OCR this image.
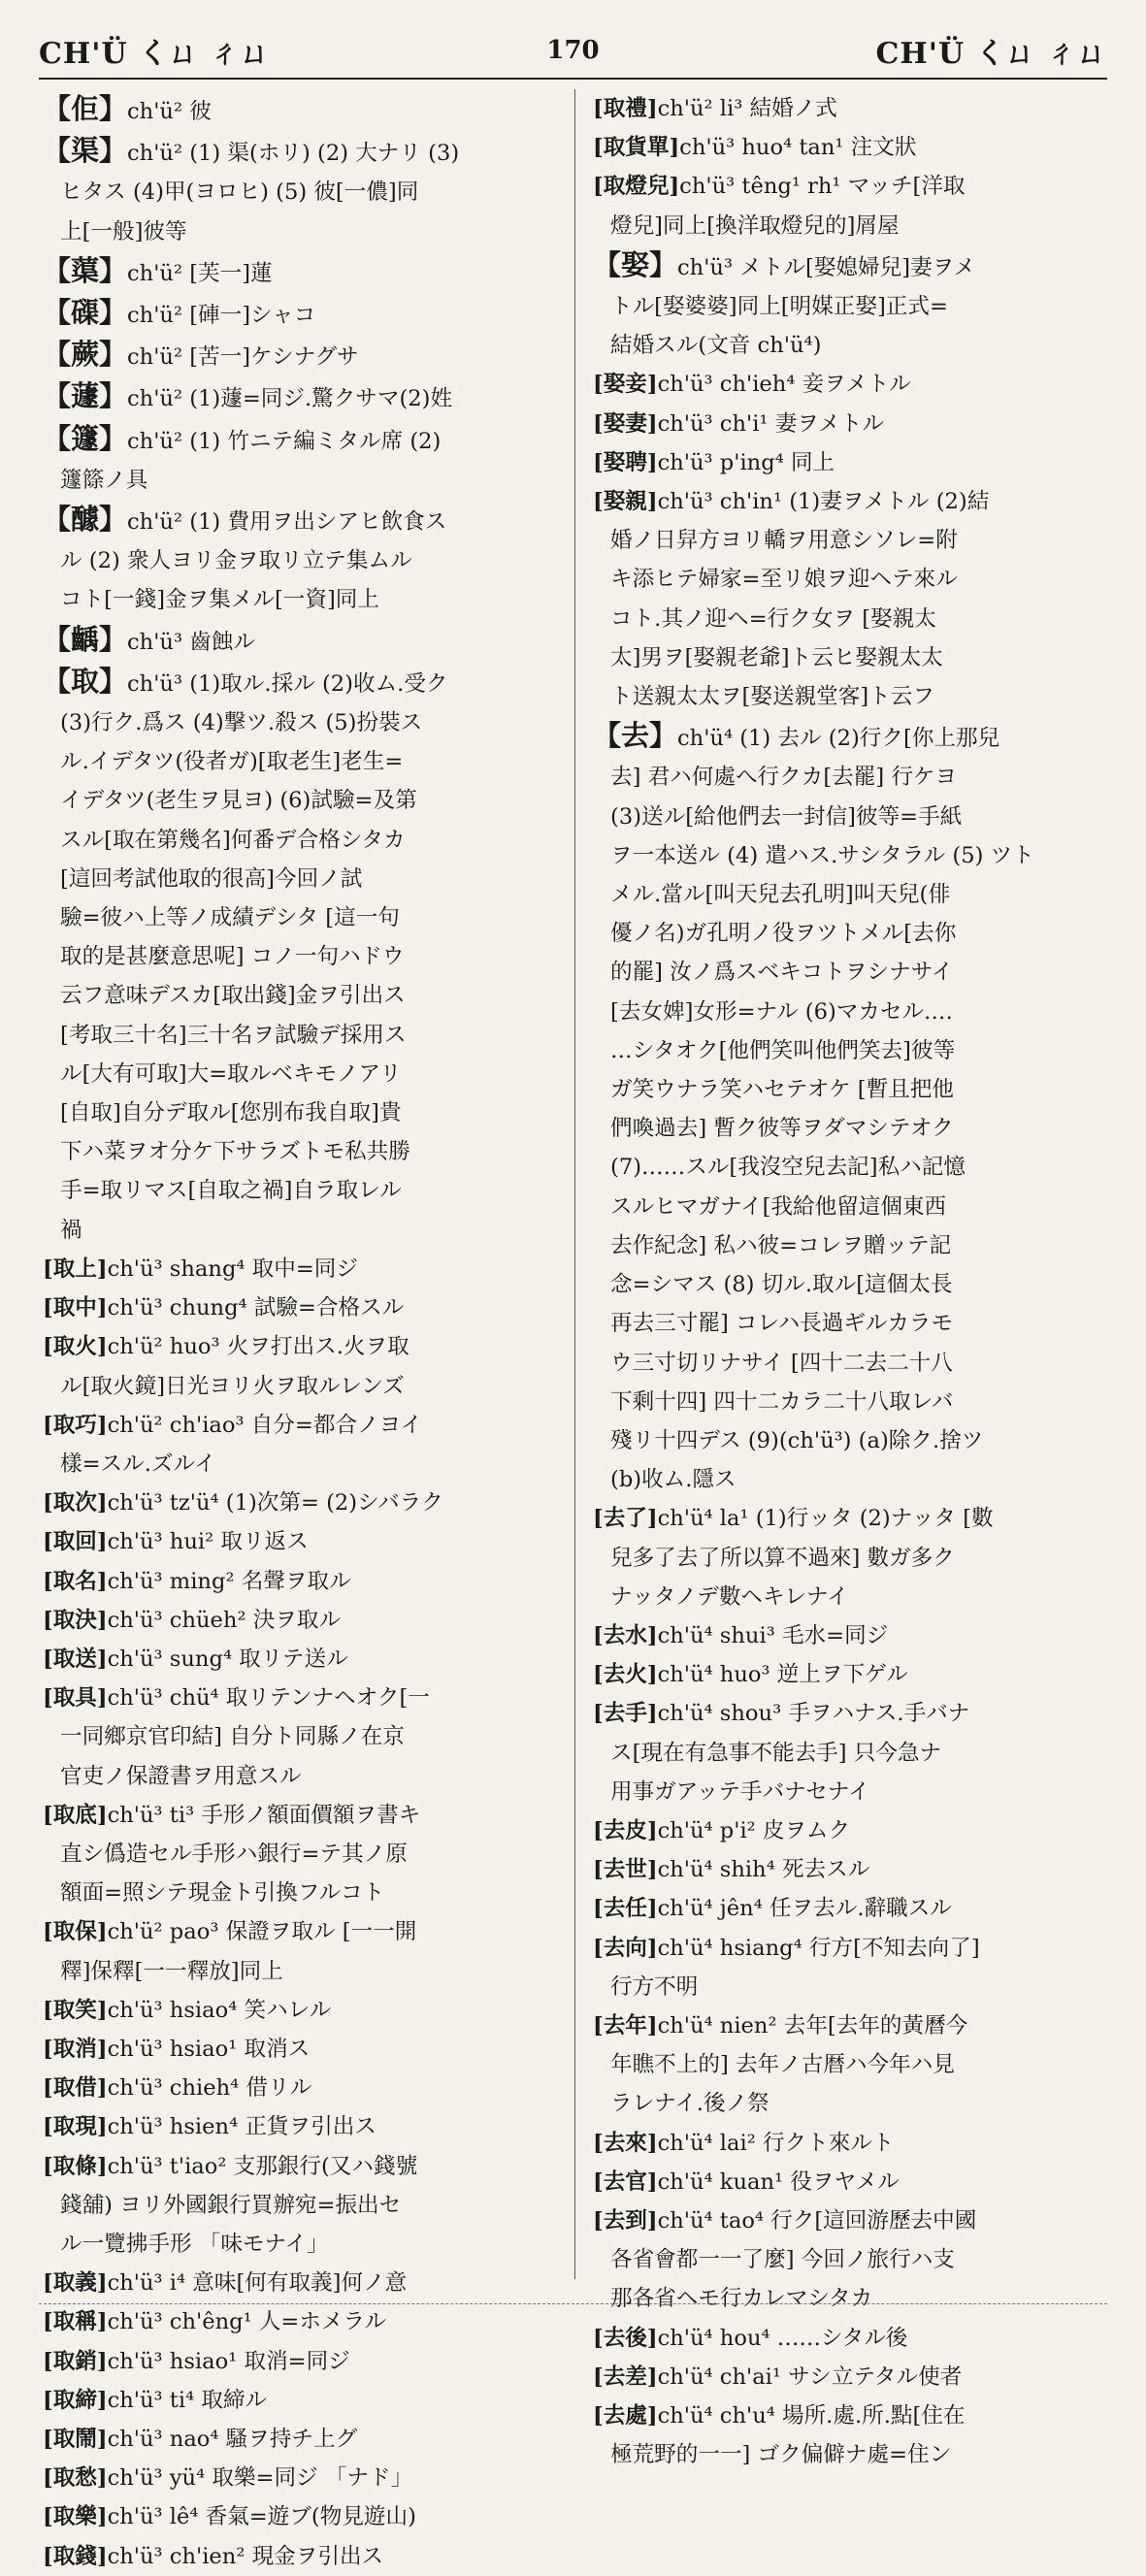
CH'Ü くㄩ ㄔㄩ	170	CH'Ü くㄩ ㄔㄩ
【佢】ch'ü² 彼
【渠】ch'ü² (1) 渠(ホリ) (2) 大ナリ (3)
ヒタス (4)甲(ヨロヒ) (5) 彼[一儂]同
上[一般]彼等
【蕖】ch'ü² [芙一]蓮
【磲】ch'ü² [硨一]シャコ
【蕨】ch'ü² [苦一]ケシナグサ
【蘧】ch'ü² (1)蘧=同ジ.驚クサマ(2)姓
【籧】ch'ü² (1) 竹ニテ編ミタル席 (2)
籧篨ノ具
【醵】ch'ü² (1) 費用ヲ出シアヒ飲食ス
ル (2) 衆人ヨリ金ヲ取リ立テ集ムル
コト[一錢]金ヲ集メル[一資]同上
【齲】ch'ü³ 齒蝕ル
【取】ch'ü³ (1)取ル.採ル (2)收ム.受ク
(3)行ク.爲ス (4)撃ツ.殺ス (5)扮裝ス
ル.イデタツ(役者ガ)[取老生]老生=
イデタツ(老生ヲ見ヨ) (6)試驗=及第
スル[取在第幾名]何番デ合格シタカ
[這回考試他取的很高]今回ノ試
驗=彼ハ上等ノ成績デシタ [這一句
取的是甚麼意思呢] コノ一句ハドウ
云フ意味デスカ[取出錢]金ヲ引出ス
[考取三十名]三十名ヲ試驗デ採用ス
ル[大有可取]大=取ルベキモノアリ
[自取]自分デ取ル[您別布我自取]貴
下ハ菜ヲオ分ケ下サラズトモ私共勝
手=取リマス[自取之禍]自ラ取レル
禍
[取上]ch'ü³ shang⁴ 取中=同ジ
[取中]ch'ü³ chung⁴ 試驗=合格スル
[取火]ch'ü² huo³ 火ヲ打出ス.火ヲ取
ル[取火鏡]日光ヨリ火ヲ取ルレンズ
[取巧]ch'ü² ch'iao³ 自分=都合ノヨイ
樣=スル.ズルイ
[取次]ch'ü³ tz'ü⁴ (1)次第= (2)シバラク
[取回]ch'ü³ hui² 取リ返ス
[取名]ch'ü³ ming² 名聲ヲ取ル
[取決]ch'ü³ chüeh² 決ヲ取ル
[取送]ch'ü³ sung⁴ 取リテ送ル
[取具]ch'ü³ chü⁴ 取リテンナヘオク[一
一同鄉京官印結] 自分ト同縣ノ在京
官吏ノ保證書ヲ用意スル
[取底]ch'ü³ ti³ 手形ノ額面價額ヲ書キ
直シ僞造セル手形ハ銀行=テ其ノ原
額面=照シテ現金ト引換フルコト
[取保]ch'ü² pao³ 保證ヲ取ル [一一開
釋]保釋[一一釋放]同上
[取笑]ch'ü³ hsiao⁴ 笑ハレル
[取消]ch'ü³ hsiao¹ 取消ス
[取借]ch'ü³ chieh⁴ 借リル
[取現]ch'ü³ hsien⁴ 正貨ヲ引出ス
[取條]ch'ü³ t'iao² 支那銀行(又ハ錢號
錢舖) ヨリ外國銀行買辦宛=振出セ
ル一覽拂手形 「味モナイ」
[取義]ch'ü³ i⁴ 意味[何有取義]何ノ意
[取稱]ch'ü³ ch'êng¹ 人=ホメラル
[取銷]ch'ü³ hsiao¹ 取消=同ジ
[取締]ch'ü³ ti⁴ 取締ル
[取鬧]ch'ü³ nao⁴ 騷ヲ持チ上グ
[取愁]ch'ü³ yü⁴ 取樂=同ジ 「ナド」
[取樂]ch'ü³ lê⁴ 香氣=遊ブ(物見遊山)
[取錢]ch'ü³ ch'ien² 現金ヲ引出ス
[取禮]ch'ü² li³ 結婚ノ式
[取貨單]ch'ü³ huo⁴ tan¹ 注文狀
[取燈兒]ch'ü³ têng¹ rh¹ マッチ[洋取
燈兒]同上[換洋取燈兒的]屑屋
【娶】ch'ü³ メトル[娶媳婦兒]妻ヲメ
トル[娶婆婆]同上[明媒正娶]正式=
結婚スル(文音 ch'ü⁴)
[娶妾]ch'ü³ ch'ieh⁴ 妾ヲメトル
[娶妻]ch'ü³ ch'i¹ 妻ヲメトル
[娶聘]ch'ü³ p'ing⁴ 同上
[娶親]ch'ü³ ch'in¹ (1)妻ヲメトル (2)結
婚ノ日舁方ヨリ轎ヲ用意シソレ=附
キ添ヒテ婦家=至リ娘ヲ迎ヘテ來ル
コト.其ノ迎ヘ=行ク女ヲ [娶親太
太]男ヲ[娶親老爺]ト云ヒ娶親太太
ト送親太太ヲ[娶送親堂客]ト云フ
【去】ch'ü⁴ (1) 去ル (2)行ク[你上那兒
去] 君ハ何處へ行クカ[去罷] 行ケヨ
(3)送ル[給他們去一封信]彼等=手紙
ヲ一本送ル (4) 遣ハス.サシタラル (5) ツト
メル.當ル[叫天兒去孔明]叫天兒(俳
優ノ名)ガ孔明ノ役ヲツトメル[去你
的罷] 汝ノ爲スベキコトヲシナサイ
[去女婢]女形=ナル (6)マカセル.…
…シタオク[他們笑叫他們笑去]彼等
ガ笑ウナラ笑ハセテオケ [暫且把他
們喚過去] 暫ク彼等ヲダマシテオク
(7)……スル[我沒空兒去記]私ハ記憶
スルヒマガナイ[我給他留這個東西
去作紀念] 私ハ彼=コレヲ贈ッテ記
念=シマス (8) 切ル.取ル[這個太長
再去三寸罷] コレハ長過ギルカラモ
ウ三寸切リナサイ [四十二去二十八
下剩十四] 四十二カラ二十八取レバ
殘リ十四デス (9)(ch'ü³) (a)除ク.捨ツ
(b)收ム.隱ス
[去了]ch'ü⁴ la¹ (1)行ッタ (2)ナッタ [數
兒多了去了所以算不過來] 數ガ多ク
ナッタノデ數ヘキレナイ
[去水]ch'ü⁴ shui³ 毛水=同ジ
[去火]ch'ü⁴ huo³ 逆上ヲ下ゲル
[去手]ch'ü⁴ shou³ 手ヲハナス.手バナ
ス[現在有急事不能去手] 只今急ナ
用事ガアッテ手バナセナイ
[去皮]ch'ü⁴ p'i² 皮ヲムク
[去世]ch'ü⁴ shih⁴ 死去スル
[去任]ch'ü⁴ jên⁴ 任ヲ去ル.辭職スル
[去向]ch'ü⁴ hsiang⁴ 行方[不知去向了]
行方不明
[去年]ch'ü⁴ nien² 去年[去年的黃曆今
年瞧不上的] 去年ノ古暦ハ今年ハ見
ラレナイ.後ノ祭
[去來]ch'ü⁴ lai² 行クト來ルト
[去官]ch'ü⁴ kuan¹ 役ヲヤメル
[去到]ch'ü⁴ tao⁴ 行ク[這回游歷去中國
各省會都一一了麼] 今回ノ旅行ハ支
那各省ヘモ行カレマシタカ
[去後]ch'ü⁴ hou⁴ ……シタル後
[去差]ch'ü⁴ ch'ai¹ サシ立テタル使者
[去處]ch'ü⁴ ch'u⁴ 場所.處.所.點[住在
極荒野的一一] ゴク偏僻ナ處=住ン
